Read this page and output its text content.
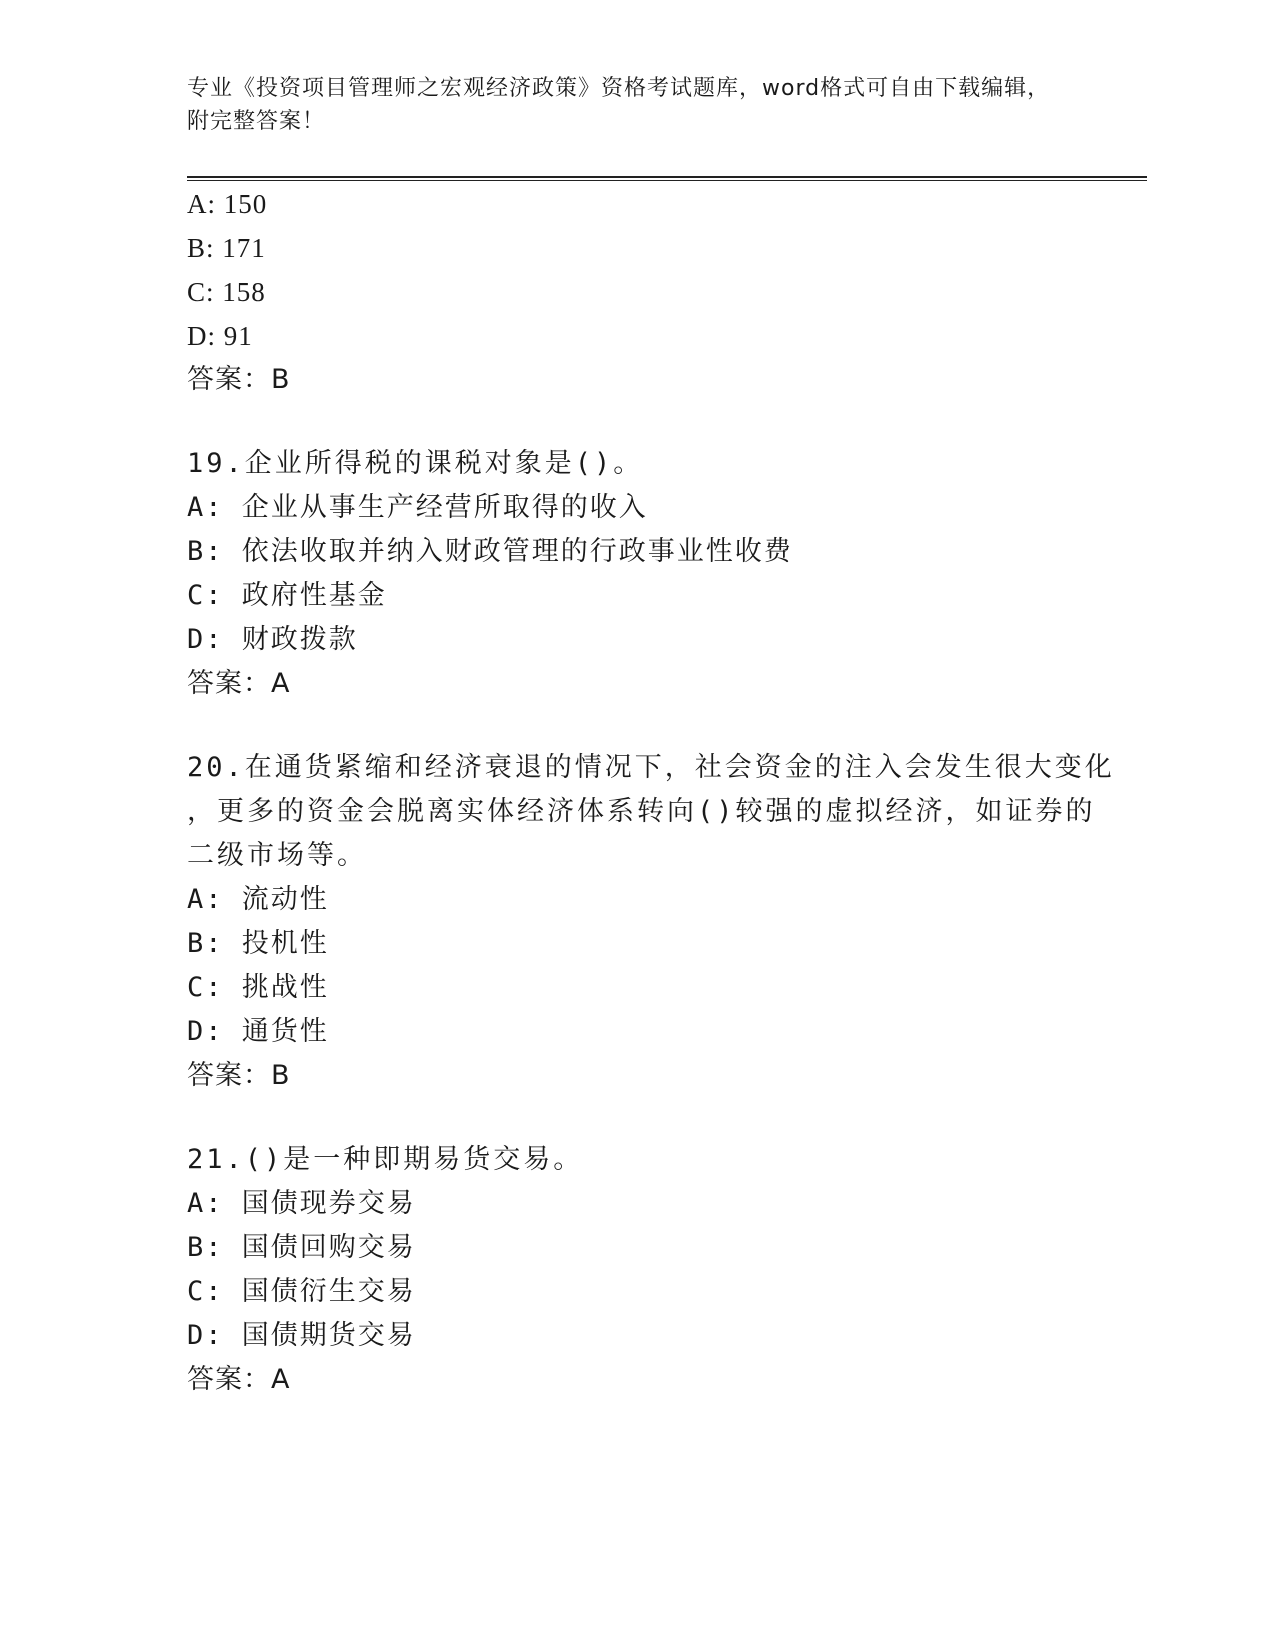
专业《投资项目管理师之宏观经济政策》资格考试题库，word格式可自由下载编辑，附完整答案！
A: 150
B: 171
C: 158
D: 91
答案：B
19.企业所得税的课税对象是()。
A: 企业从事生产经营所取得的收入
B: 依法收取并纳入财政管理的行政事业性收费
C: 政府性基金
D: 财政拨款
答案：A
20.在通货紧缩和经济衰退的情况下，社会资金的注入会发生很大变化
，更多的资金会脱离实体经济体系转向()较强的虚拟经济，如证券的
二级市场等。
A: 流动性
B: 投机性
C: 挑战性
D: 通货性
答案：B
21.()是一种即期易货交易。
A: 国债现券交易
B: 国债回购交易
C: 国债衍生交易
D: 国债期货交易
答案：A
